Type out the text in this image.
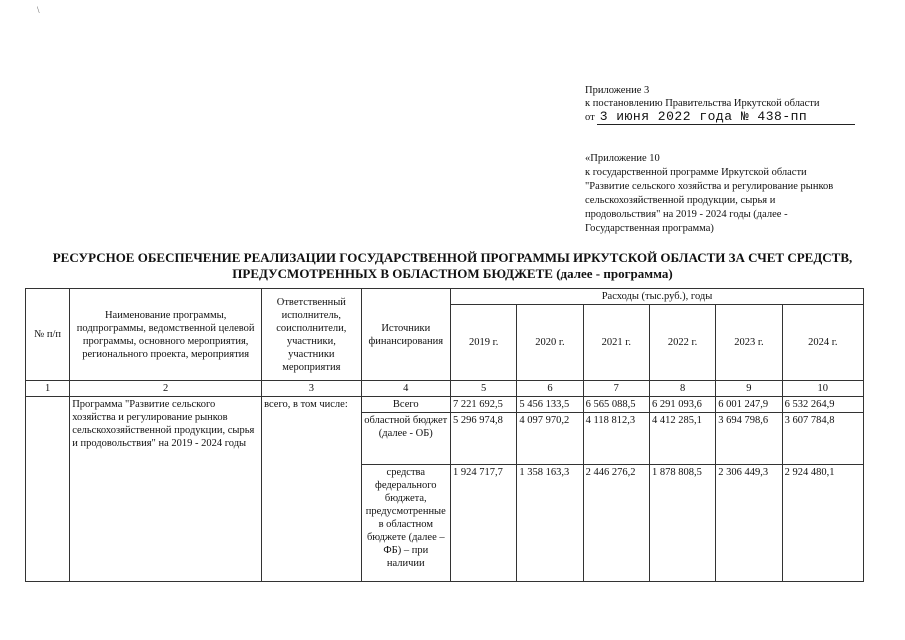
\
Приложение 3
к постановлению Правительства Иркутской области
от 3 июня 2022 года № 438-пп
«Приложение 10
к государственной программе Иркутской области
"Развитие сельского хозяйства и регулирование рынков
сельскохозяйственной продукции, сырья и
продовольствия" на 2019 - 2024 годы (далее -
Государственная программа)
РЕСУРСНОЕ ОБЕСПЕЧЕНИЕ РЕАЛИЗАЦИИ ГОСУДАРСТВЕННОЙ ПРОГРАММЫ ИРКУТСКОЙ ОБЛАСТИ ЗА СЧЕТ СРЕДСТВ,
ПРЕДУСМОТРЕННЫХ В ОБЛАСТНОМ БЮДЖЕТЕ (далее - программа)
№ п/п	Наименование программы, подпрограммы, ведомственной целевой программы, основного мероприятия, регионального проекта, мероприятия	Ответственный исполнитель, соисполнители, участники, участники мероприятия	Источники финансирования	Расходы (тыс.руб.), годы					
				2019 г.	2020 г.	2021 г.	2022 г.	2023 г.	2024 г.
1	2	3	4	5	6	7	8	9	10
	Программа "Развитие сельского хозяйства и регулирование рынков сельскохозяйственной продукции, сырья и продовольствия" на 2019 - 2024 годы	всего, в том числе:	Всего	7 221 692,5	5 456 133,5	6 565 088,5	6 291 093,6	6 001 247,9	6 532 264,9
			областной бюджет (далее - ОБ)	5 296 974,8	4 097 970,2	4 118 812,3	4 412 285,1	3 694 798,6	3 607 784,8
			средства федерального бюджета, предусмотренные в областном бюджете (далее – ФБ) – при наличии	1 924 717,7	1 358 163,3	2 446 276,2	1 878 808,5	2 306 449,3	2 924 480,1
